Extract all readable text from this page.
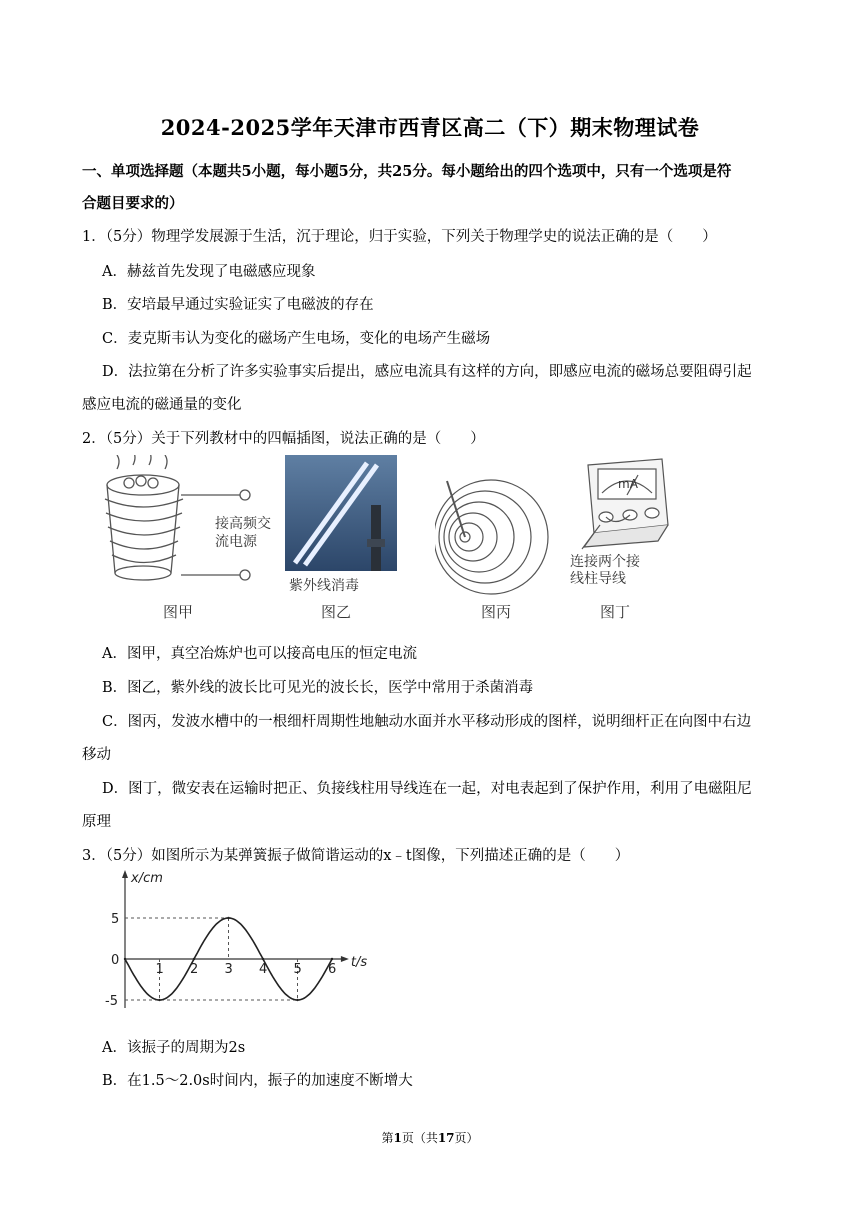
2024-2025学年天津市西青区高二（下）期末物理试卷
一、单项选择题（本题共5小题，每小题5分，共25分。每小题给出的四个选项中，只有一个选项是符
合题目要求的）
1．（5分）物理学发展源于生活，沉于理论，归于实验，下列关于物理学史的说法正确的是（　　）
A．赫兹首先发现了电磁感应现象
B．安培最早通过实验证实了电磁波的存在
C．麦克斯韦认为变化的磁场产生电场，变化的电场产生磁场
D．法拉第在分析了许多实验事实后提出，感应电流具有这样的方向，即感应电流的磁场总要阻碍引起
感应电流的磁通量的变化
2．（5分）关于下列教材中的四幅插图，说法正确的是（　　）
接高频交
流电源
图甲
紫外线消毒
图乙	图丙
mA
连接两个接
线柱导线
图丁
A．图甲，真空冶炼炉也可以接高电压的恒定电流
B．图乙，紫外线的波长比可见光的波长长，医学中常用于杀菌消毒
C．图丙，发波水槽中的一根细杆周期性地触动水面并水平移动形成的图样，说明细杆正在向图中右边
移动
D．图丁，微安表在运输时把正、负接线柱用导线连在一起，对电表起到了保护作用，利用了电磁阻尼
原理
3．（5分）如图所示为某弹簧振子做简谐运动的x﹣t图像，下列描述正确的是（　　）
1 2 3 4 5 6
5
0
-5
t/s
x/cm
A．该振子的周期为2s
B．在1.5～2.0s时间内，振子的加速度不断增大
第1页（共17页）
